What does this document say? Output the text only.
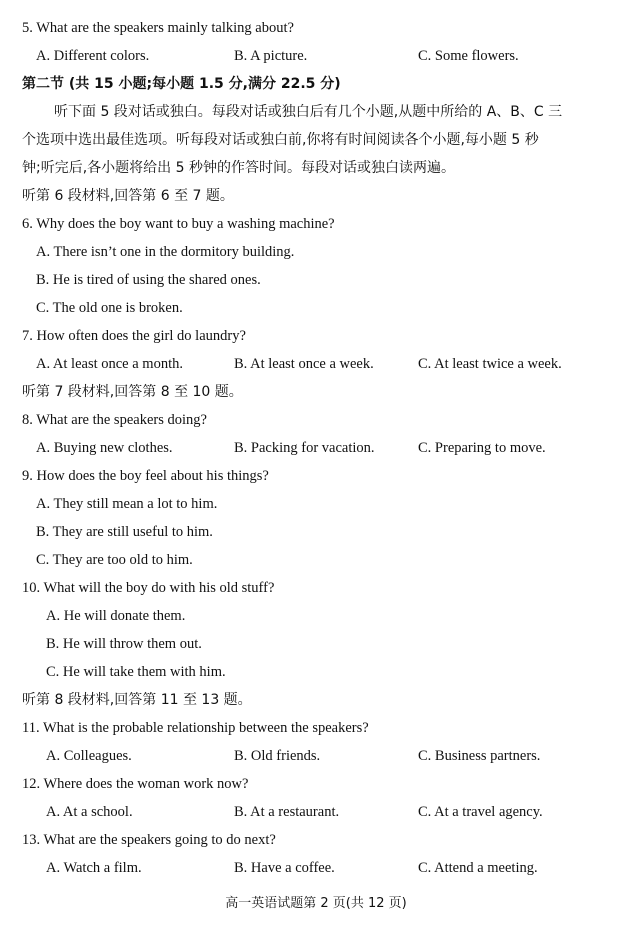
5. What are the speakers mainly talking about?
A. Different colors.	B. A picture.	C. Some flowers.
第二节 (共 15 小题;每小题 1.5 分,满分 22.5 分)
听下面 5 段对话或独白。每段对话或独白后有几个小题,从题中所给的 A、B、C 三
个选项中选出最佳选项。听每段对话或独白前,你将有时间阅读各个小题,每小题 5 秒
钟;听完后,各小题将给出 5 秒钟的作答时间。每段对话或独白读两遍。
听第 6 段材料,回答第 6 至 7 题。
6. Why does the boy want to buy a washing machine?
A. There isn’t one in the dormitory building.
B. He is tired of using the shared ones.
C. The old one is broken.
7. How often does the girl do laundry?
A. At least once a month.	B. At least once a week.	C. At least twice a week.
听第 7 段材料,回答第 8 至 10 题。
8. What are the speakers doing?
A. Buying new clothes.	B. Packing for vacation.	C. Preparing to move.
9. How does the boy feel about his things?
A. They still mean a lot to him.
B. They are still useful to him.
C. They are too old to him.
10. What will the boy do with his old stuff?
A. He will donate them.
B. He will throw them out.
C. He will take them with him.
听第 8 段材料,回答第 11 至 13 题。
11. What is the probable relationship between the speakers?
A. Colleagues.	B. Old friends.	C. Business partners.
12. Where does the woman work now?
A. At a school.	B. At a restaurant.	C. At a travel agency.
13. What are the speakers going to do next?
A. Watch a film.	B. Have a coffee.	C. Attend a meeting.
高一英语试题第 2 页(共 12 页)
